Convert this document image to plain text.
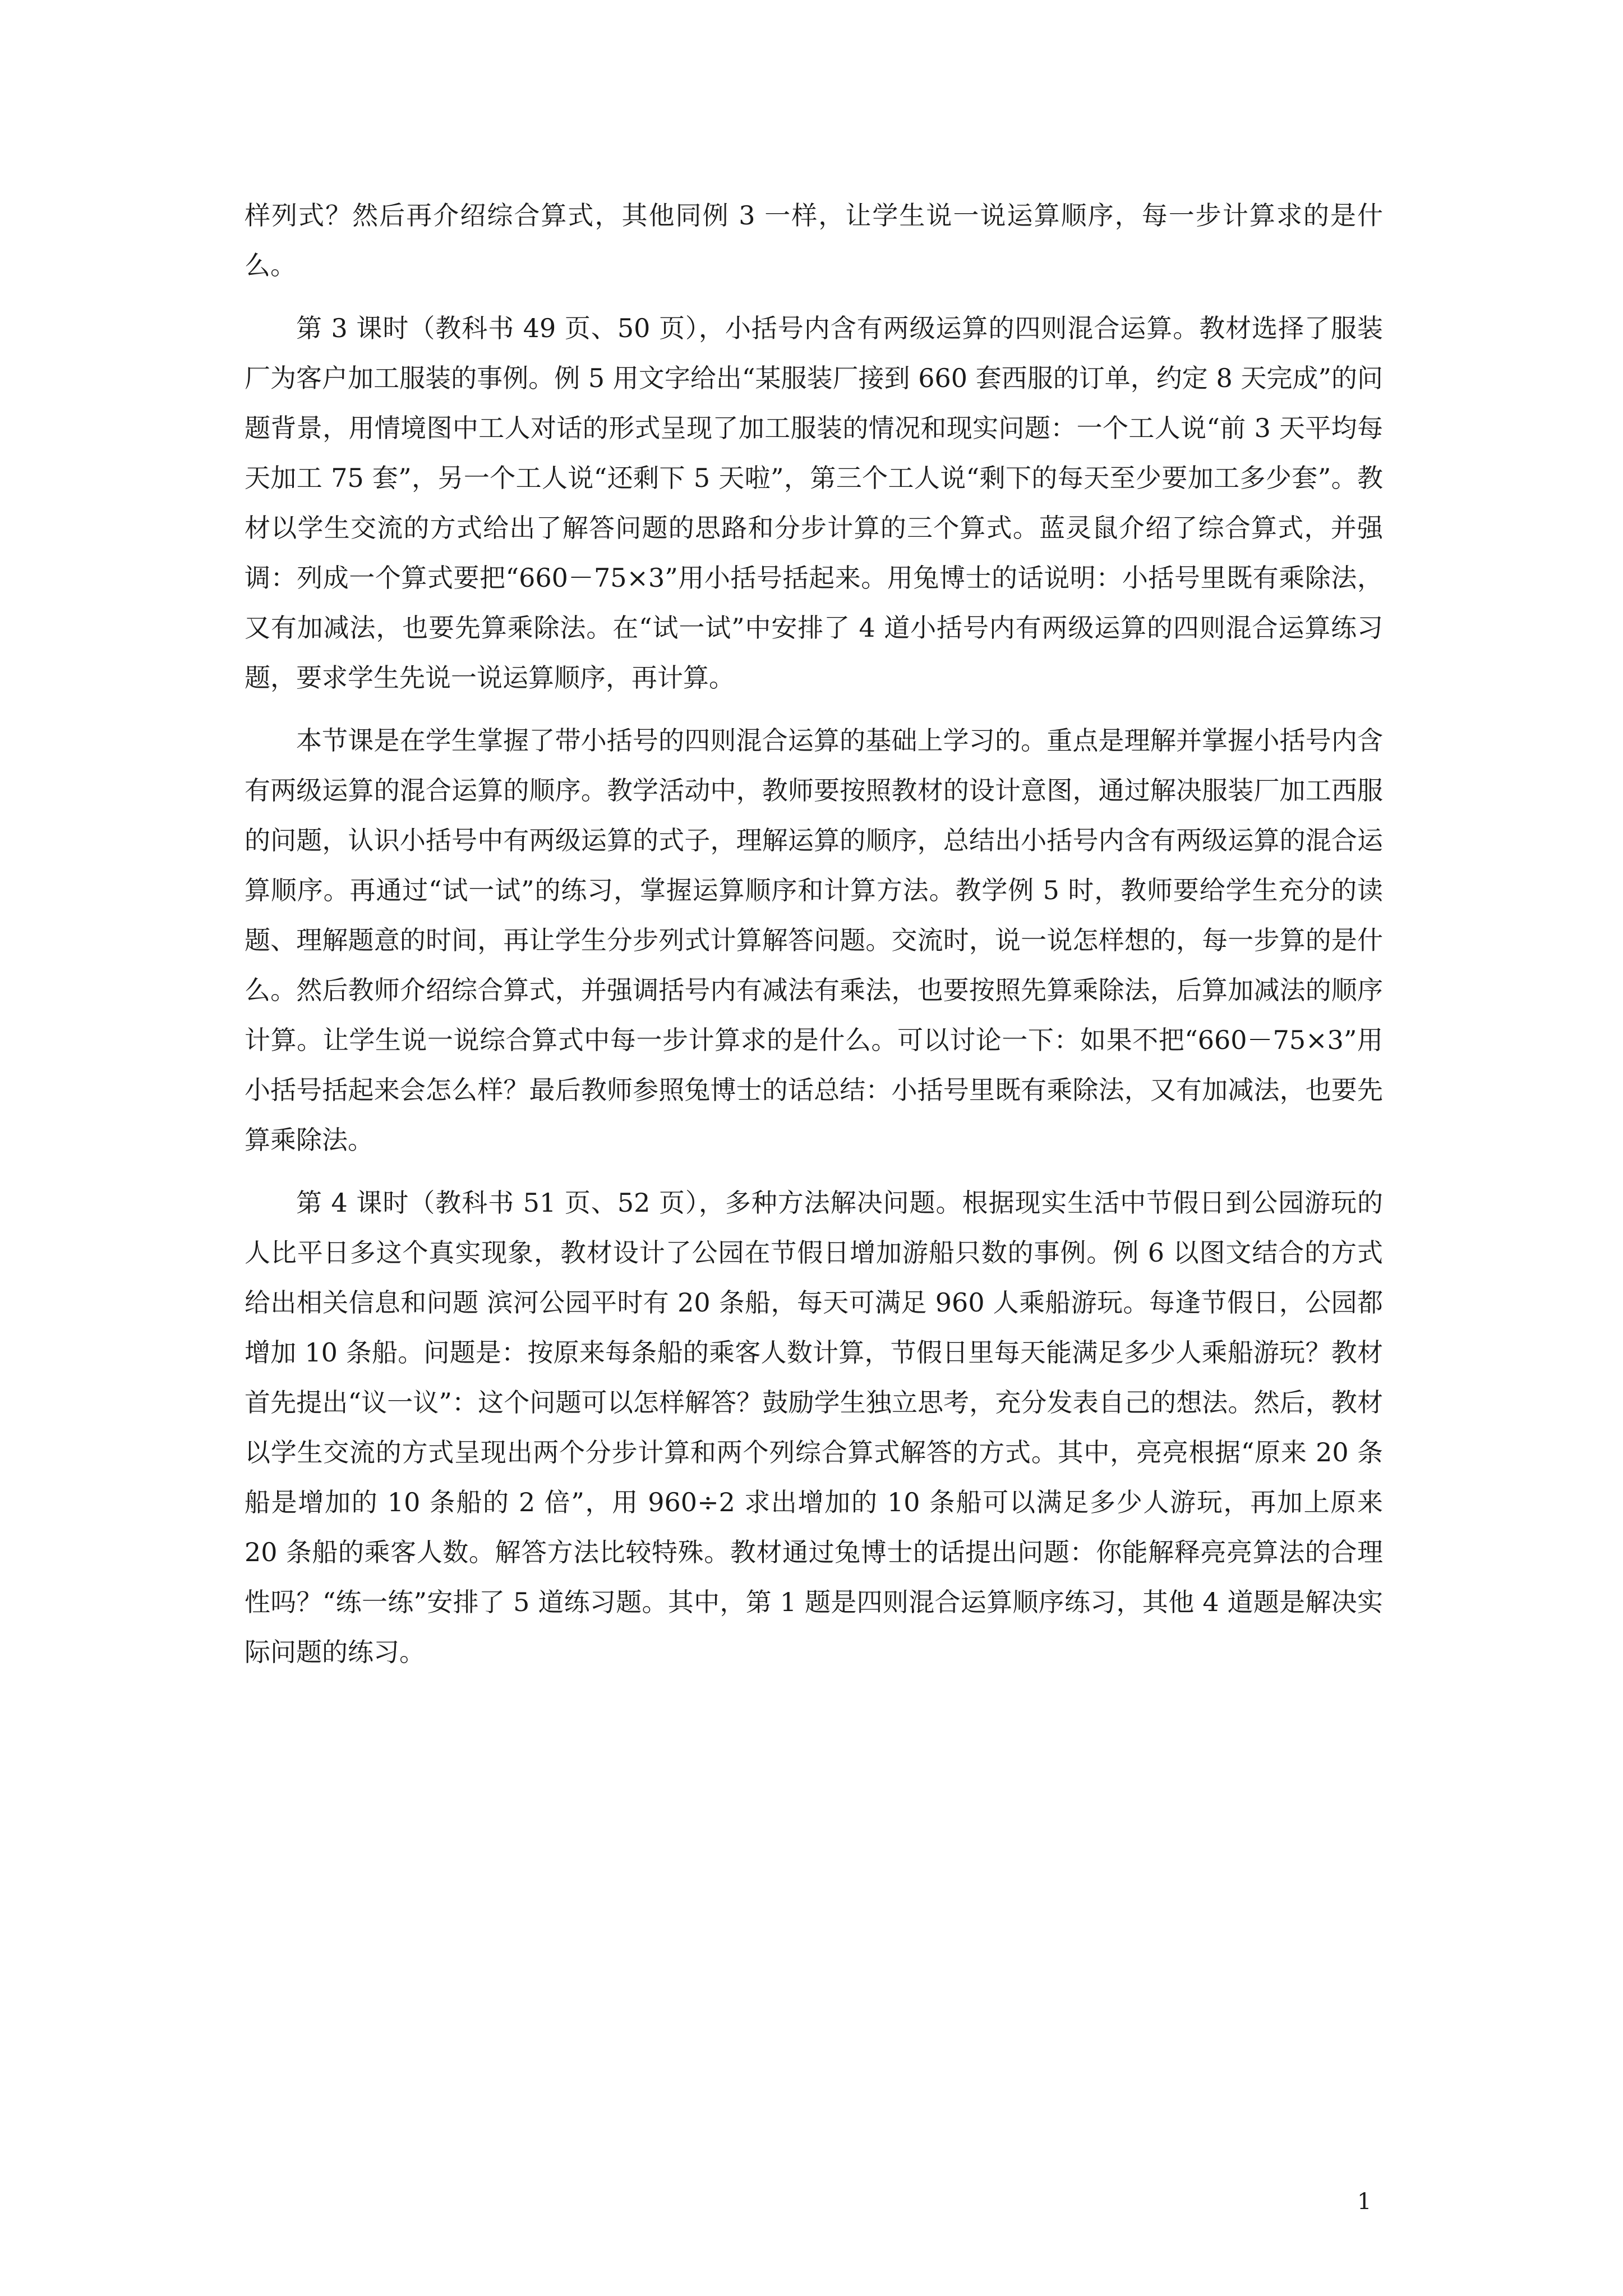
样列式？然后再介绍综合算式，其他同例 3 一样，让学生说一说运算顺序，每一步计算求的是什么。

第 3 课时（教科书 49 页、50 页），小括号内含有两级运算的四则混合运算。教材选择了服装厂为客户加工服装的事例。例 5 用文字给出“某服装厂接到 660 套西服的订单，约定 8 天完成”的问题背景，用情境图中工人对话的形式呈现了加工服装的情况和现实问题：一个工人说“前 3 天平均每天加工 75 套”，另一个工人说“还剩下 5 天啦”，第三个工人说“剩下的每天至少要加工多少套”。教材以学生交流的方式给出了解答问题的思路和分步计算的三个算式。蓝灵鼠介绍了综合算式，并强调：列成一个算式要把“660－75×3”用小括号括起来。用兔博士的话说明：小括号里既有乘除法，又有加减法，也要先算乘除法。在“试一试”中安排了 4 道小括号内有两级运算的四则混合运算练习题，要求学生先说一说运算顺序，再计算。

本节课是在学生掌握了带小括号的四则混合运算的基础上学习的。重点是理解并掌握小括号内含有两级运算的混合运算的顺序。教学活动中，教师要按照教材的设计意图，通过解决服装厂加工西服的问题，认识小括号中有两级运算的式子，理解运算的顺序，总结出小括号内含有两级运算的混合运算顺序。再通过“试一试”的练习，掌握运算顺序和计算方法。教学例 5 时，教师要给学生充分的读题、理解题意的时间，再让学生分步列式计算解答问题。交流时，说一说怎样想的，每一步算的是什么。然后教师介绍综合算式，并强调括号内有减法有乘法，也要按照先算乘除法，后算加减法的顺序计算。让学生说一说综合算式中每一步计算求的是什么。可以讨论一下：如果不把“660－75×3”用小括号括起来会怎么样？最后教师参照兔博士的话总结：小括号里既有乘除法，又有加减法，也要先算乘除法。

第 4 课时（教科书 51 页、52 页），多种方法解决问题。根据现实生活中节假日到公园游玩的人比平日多这个真实现象，教材设计了公园在节假日增加游船只数的事例。例 6 以图文结合的方式给出相关信息和问题 滨河公园平时有 20 条船，每天可满足 960 人乘船游玩。每逢节假日，公园都增加 10 条船。问题是：按原来每条船的乘客人数计算，节假日里每天能满足多少人乘船游玩？教材首先提出“议一议”：这个问题可以怎样解答？鼓励学生独立思考，充分发表自己的想法。然后，教材以学生交流的方式呈现出两个分步计算和两个列综合算式解答的方式。其中，亮亮根据“原来 20 条船是增加的 10 条船的 2 倍”，用 960÷2 求出增加的 10 条船可以满足多少人游玩，再加上原来 20 条船的乘客人数。解答方法比较特殊。教材通过兔博士的话提出问题：你能解释亮亮算法的合理性吗？“练一练”安排了 5 道练习题。其中，第 1 题是四则混合运算顺序练习，其他 4 道题是解决实际问题的练习。

1
